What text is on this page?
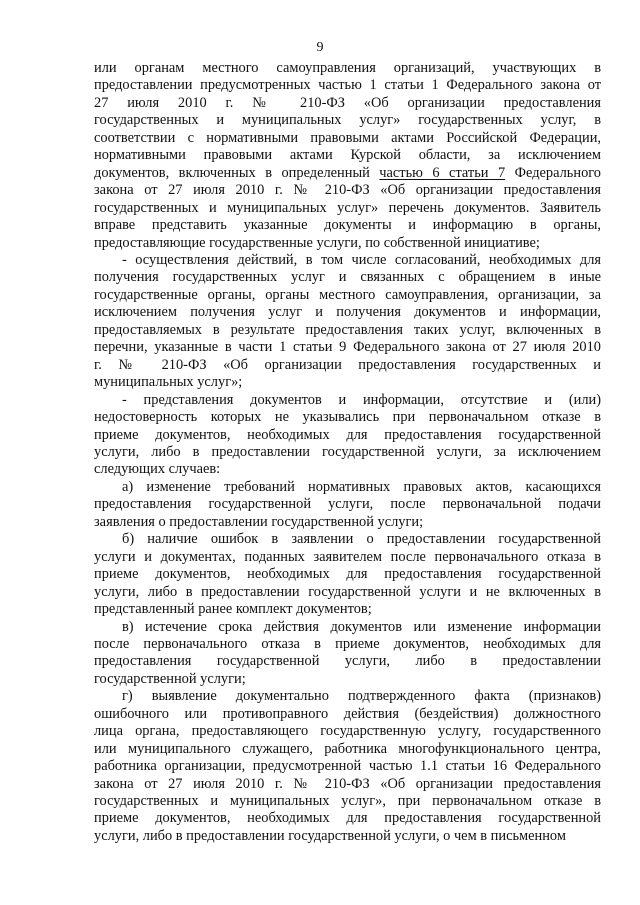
9

или органам местного самоуправления организаций, участвующих в
предоставлении предусмотренных частью 1 статьи 1 Федерального закона от
27 июля 2010 г. № 210-ФЗ «Об организации предоставления
государственных и муниципальных услуг» государственных услуг, в
соответствии с нормативными правовыми актами Российской Федерации,
нормативными правовыми актами Курской области, за исключением
документов, включенных в определенный частью 6 статьи 7 Федерального
закона от 27 июля 2010 г. № 210-ФЗ «Об организации предоставления
государственных и муниципальных услуг» перечень документов. Заявитель
вправе представить указанные документы и информацию в органы,
предоставляющие государственные услуги, по собственной инициативе;

- осуществления действий, в том числе согласований, необходимых для
получения государственных услуг и связанных с обращением в иные
государственные органы, органы местного самоуправления, организации, за
исключением получения услуг и получения документов и информации,
предоставляемых в результате предоставления таких услуг, включенных в
перечни, указанные в части 1 статьи 9 Федерального закона от 27 июля 2010
г. № 210-ФЗ «Об организации предоставления государственных и
муниципальных услуг»;

- представления документов и информации, отсутствие и (или)
недостоверность которых не указывались при первоначальном отказе в
приеме документов, необходимых для предоставления государственной
услуги, либо в предоставлении государственной услуги, за исключением
следующих случаев:

а) изменение требований нормативных правовых актов, касающихся
предоставления государственной услуги, после первоначальной подачи
заявления о предоставлении государственной услуги;

б) наличие ошибок в заявлении о предоставлении государственной
услуги и документах, поданных заявителем после первоначального отказа в
приеме документов, необходимых для предоставления государственной
услуги, либо в предоставлении государственной услуги и не включенных в
представленный ранее комплект документов;

в) истечение срока действия документов или изменение информации
после первоначального отказа в приеме документов, необходимых для
предоставления государственной услуги, либо в предоставлении
государственной услуги;

г) выявление документально подтвержденного факта (признаков)
ошибочного или противоправного действия (бездействия) должностного
лица органа, предоставляющего государственную услугу, государственного
или муниципального служащего, работника многофункционального центра,
работника организации, предусмотренной частью 1.1 статьи 16 Федерального
закона от 27 июля 2010 г. № 210-ФЗ «Об организации предоставления
государственных и муниципальных услуг», при первоначальном отказе в
приеме документов, необходимых для предоставления государственной
услуги, либо в предоставлении государственной услуги, о чем в письменном
